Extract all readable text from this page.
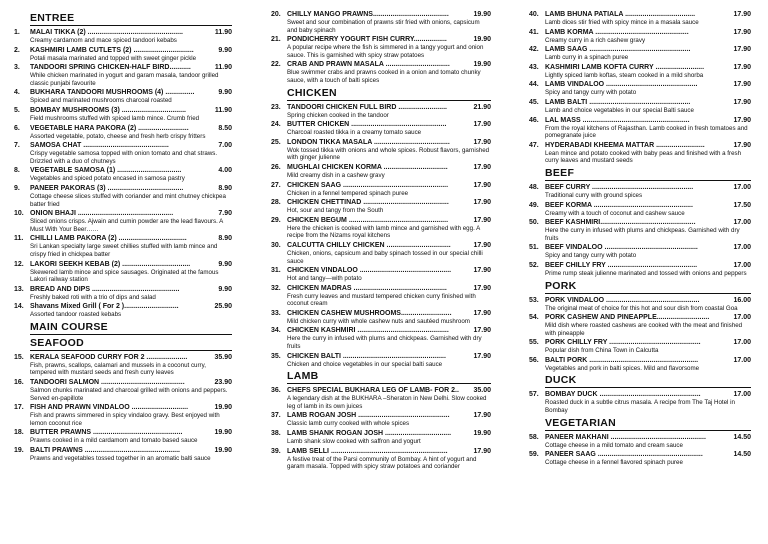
ENTREE
1.	MALAI TIKKA (2) .................................................	11.90
Creamy cardamom and mace spiced tandoori kebabs
2.	KASHMIRI LAMB CUTLETS (2) ...............................	9.90
Potali masala marinated and topped with sweet ginger pickle
3.	TANDOORI SPRING CHICKEN-HALF BIRD...........	11.90
While chicken marinated in yogurt and garam masala, tandoor grilled classic punjabi favourite
4.	BUKHARA TANDOORI MUSHROOMS (4) ...............	9.90
Spiced and marinated mushrooms charcoal roasted
5.	BOMBAY MUSHROOMS (3) .................................	11.90
Field mushrooms stuffed with spiced lamb mince. Crumb fried
6.	VEGETABLE HARA PAKORA (2) ..........................	8.50
Assorted vegetable, potato, cheese and fresh herb crispy fritters
7.	SAMOSA CHAT ............................................	7.00
Crispy vegetable samosa topped with onion tomato and chat straws. Drizzled with a duo of chutneys
8.	VEGETABLE SAMOSA (1) .................................	4.00
Vegetables and spiced potato encased in samosa pastry
9.	PANEER PAKORAS (3) .......................................	8.90
Cottage cheese slices stuffed with coriander and mint chutney chickpea batter fried
10. ONION BHAJI .................................................	7.90
Sliced onions crisps. Ajwain and cumin powder are the lead flavours. A Must With Your Beer……
11. CHILLI LAMB PAKORA (2) ...................................	8.90
Sri Lankan specialty large sweet chillies stuffed with lamb mince and crispy fried in chickpea batter
12. LAKORI SEEKH KEBAB (2) ...................................	9.90
Skewered lamb mince and spice sausages. Originated at the famous Lakori railway station
13. BREAD AND DIPS .............................................	9.90
Freshly baked roti with a trio of dips and salad
14. Shavans Mixed Grill ( For 2 )............................	25.90
Assorted tandoor roasted kebabs
MAIN COURSE
SEAFOOD
15. KERALA SEAFOOD CURRY FOR 2 .....................	35.90
Fish, prawns, scallops, calamari and mussels in a coconut curry, tempered with mustard seeds and fresh curry leaves
16. TANDOORI SALMON ...........................................	23.90
Salmon chunks marinated and charcoal grilled with onions and peppers. Served en-papillote
17. FISH AND PRAWN VINDALOO .............................	19.90
Fish and prawns simmered in spicy vindaloo gravy. Best enjoyed with lemon coconut rice
18. BUTTER PRAWNS ..............................................	19.90
Prawns cooked in a mild cardamom and tomato based sauce
19. BALTI PRAWNS .................................................	19.90
Prawns and vegetables tossed together in an aromatic balti sauce
20. CHILLY MANGO PRAWNS.......................................	19.90
Sweet and sour combination of prawns stir fried with onions, capsicum and baby spinach
21. PONDICHERRY YOGURT FISH CURRY.................	19.90
A popular recipe where the fish is simmered in a tangy yogurt and onion sauce. This is garnished with spicy straw potatoes
22. CRAB AND PRAWN MASALA .................................	19.90
Blue swimmer crabs and prawns cooked in a onion and tomato chunky sauce, with a touch of balti spices
CHICKEN
23. TANDOORI CHICKEN FULL BIRD .........................	21.90
Spring chicken cooked in the tandoor
24. BUTTER CHICKEN .................................................	17.90
Charcoal roasted tikka in a creamy tomato sauce
25. LONDON TIKKA MASALA .......................................	17.90
Wok tossed tikka with onions and whole spices. Robust flavors, garnished with ginger julienne
26. MUGHLAI CHICKEN KORMA .................................	17.90
Mild creamy dish in a cashew gravy
27. CHICKEN SAAG ......................................................	17.90
Chicken in a fennel tempered spinach puree
28. CHICKEN CHETTINAD ............................................	17.90
Hot, sour and tangy from the South
29. CHICKEN BEGUM ...................................................	17.90
Here the chicken is cooked with lamb mince and garnished with egg. A recipe from the Nizams royal kitchens
30. CALCUTTA CHILLY CHICKEN .................................	17.90
Chicken, onions, capsicum and baby spinach tossed in our special chilli sauce
31. CHICKEN VINDALOO ...............................................	17.90
Hot and tangy—with potato
32. CHICKEN MADRAS ................................................	17.90
Fresh curry leaves and mustard tempered chicken curry finished with coconut cream
33. CHICKEN CASHEW MUSHROOMS..........................	17.90
Mild chicken curry with whole cashew nuts and sautéed mushroom
34. CHICKEN KASHMIRI ...............................................	17.90
Here the curry in infused with plums and chickpeas. Garnished with dry fruits
35. CHICKEN BALTI .....................................................	17.90
Chicken and choice vegetables in our special balti sauce
LAMB
36. CHEFS SPECIAL BUKHARA LEG OF LAMB- FOR 2..	35.00
A legendary dish at the BUKHARA –Sheraton in New Delhi. Slow cooked leg of lamb in its own juices
37. LAMB ROGAN JOSH ...............................................	17.90
Classic lamb curry cooked with whole spices
38. LAMB SHANK ROGAN JOSH ..................................	19.90
Lamb shank slow cooked with saffron and yogurt
39. LAMB SELLI ............................................................	17.90
A festive treat of the Parsi community of Bombay. A hint of yogurt and garam masala. Topped with spicy straw potatoes and coriander
40. LAMB BHUNA PATIALA ....................................	17.90
Lamb dices stir fried with spicy mince in a masala sauce
41. LAMB KORMA ................................................	17.90
Creamy curry in a rich cashew gravy
42. LAMB SAAG ....................................................	17.90
Lamb curry in a spinach puree
43. KASHMIRI LAMB KOFTA CURRY .........................	17.90
Lightly spiced lamb koftas, steam cooked in a mild shorba
44. LAMB VINDALOO ...............................................	17.90
Spicy and tangy curry with potato
45. LAMB BALTI ....................................................	17.90
Lamb and choice vegetables in our special Balti sauce
46. LAL MASS .......................................................	17.90
From the royal kitchens of Rajasthan. Lamb cooked in fresh tomatoes and pomegranate juice
47. HYDERABADI KHEEMA MATTAR .........................	17.90
Lean mince and potato cooked with baby peas and finished with a fresh curry leaves and mustard seeds
BEEF
48. BEEF CURRY ....................................................	17.00
Traditional curry with ground spices
49. BEEF KORMA ...................................................	17.50
Creamy with a touch of coconut and cashew sauce
50. BEEF KASHMIRI.................................................	17.00
Here the curry in infused with plums and chickpeas. Garnished with dry fruits
51. BEEF VINDALOO ................................................	17.00
Spicy and tangy curry with potato
52. BEEF CHILLY FRY ..............................................	17.00
Prime rump steak julienne marinated and tossed with onions and peppers
PORK
53. PORK VINDALOO ................................................	16.00
The original meat of choice for this hot and sour dish from coastal Goa
54. PORK CASHEW AND PINEAPPLE...........................	17.00
Mild dish where roasted cashews are cooked with the meat and finished with pineapple
55. PORK CHILLY FRY ...............................................	17.00
Popular dish from China Town in Calcutta
56. BALTI PORK ........................................................	17.00
Vegetables and pork in balti spices. Mild and flavorsome
DUCK
57. BOMBAY DUCK ....................................................	17.00
Roasted duck in a subtle citrus masala. A recipe from The Taj Hotel in Bombay
VEGETARIAN
58. PANEER MAKHANI .................................................	14.50
Cottage cheese in a mild tomato and cream sauce
59. PANEER SAAG ......................................................	14.50
Cottage cheese in a fennel flavored spinach puree
